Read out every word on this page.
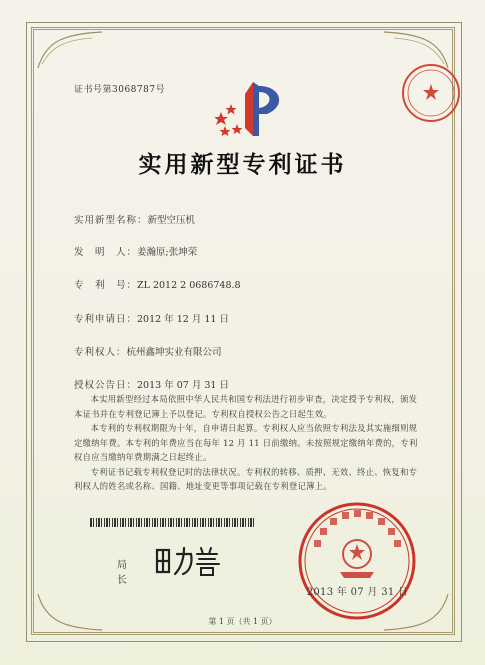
证书号第3068787号
实用新型专利证书
实用新型名称：新型空压机
发　明　人：姜瀚原;张坤荣
专　利　号：ZL 2012 2 0686748.8
专利申请日：2012 年 12 月 11 日
专利权人：杭州鑫坤实业有限公司
授权公告日：2013 年 07 月 31 日

本实用新型经过本局依照中华人民共和国专利法进行初步审查，决定授予专利权，颁发本证书并在专利登记簿上予以登记。专利权自授权公告之日起生效。

本专利的专利权期限为十年，自申请日起算。专利权人应当依照专利法及其实施细则规定缴纳年费。本专利的年费应当在每年 12 月 11 日前缴纳。未按照规定缴纳年费的，专利权自应当缴纳年费期满之日起终止。

专利证书记载专利权登记时的法律状况。专利权的转移、质押、无效、终止、恢复和专利权人的姓名或名称、国籍、地址变更等事项记载在专利登记簿上。

局长
2013 年 07 月 31 日
第 1 页（共 1 页）
